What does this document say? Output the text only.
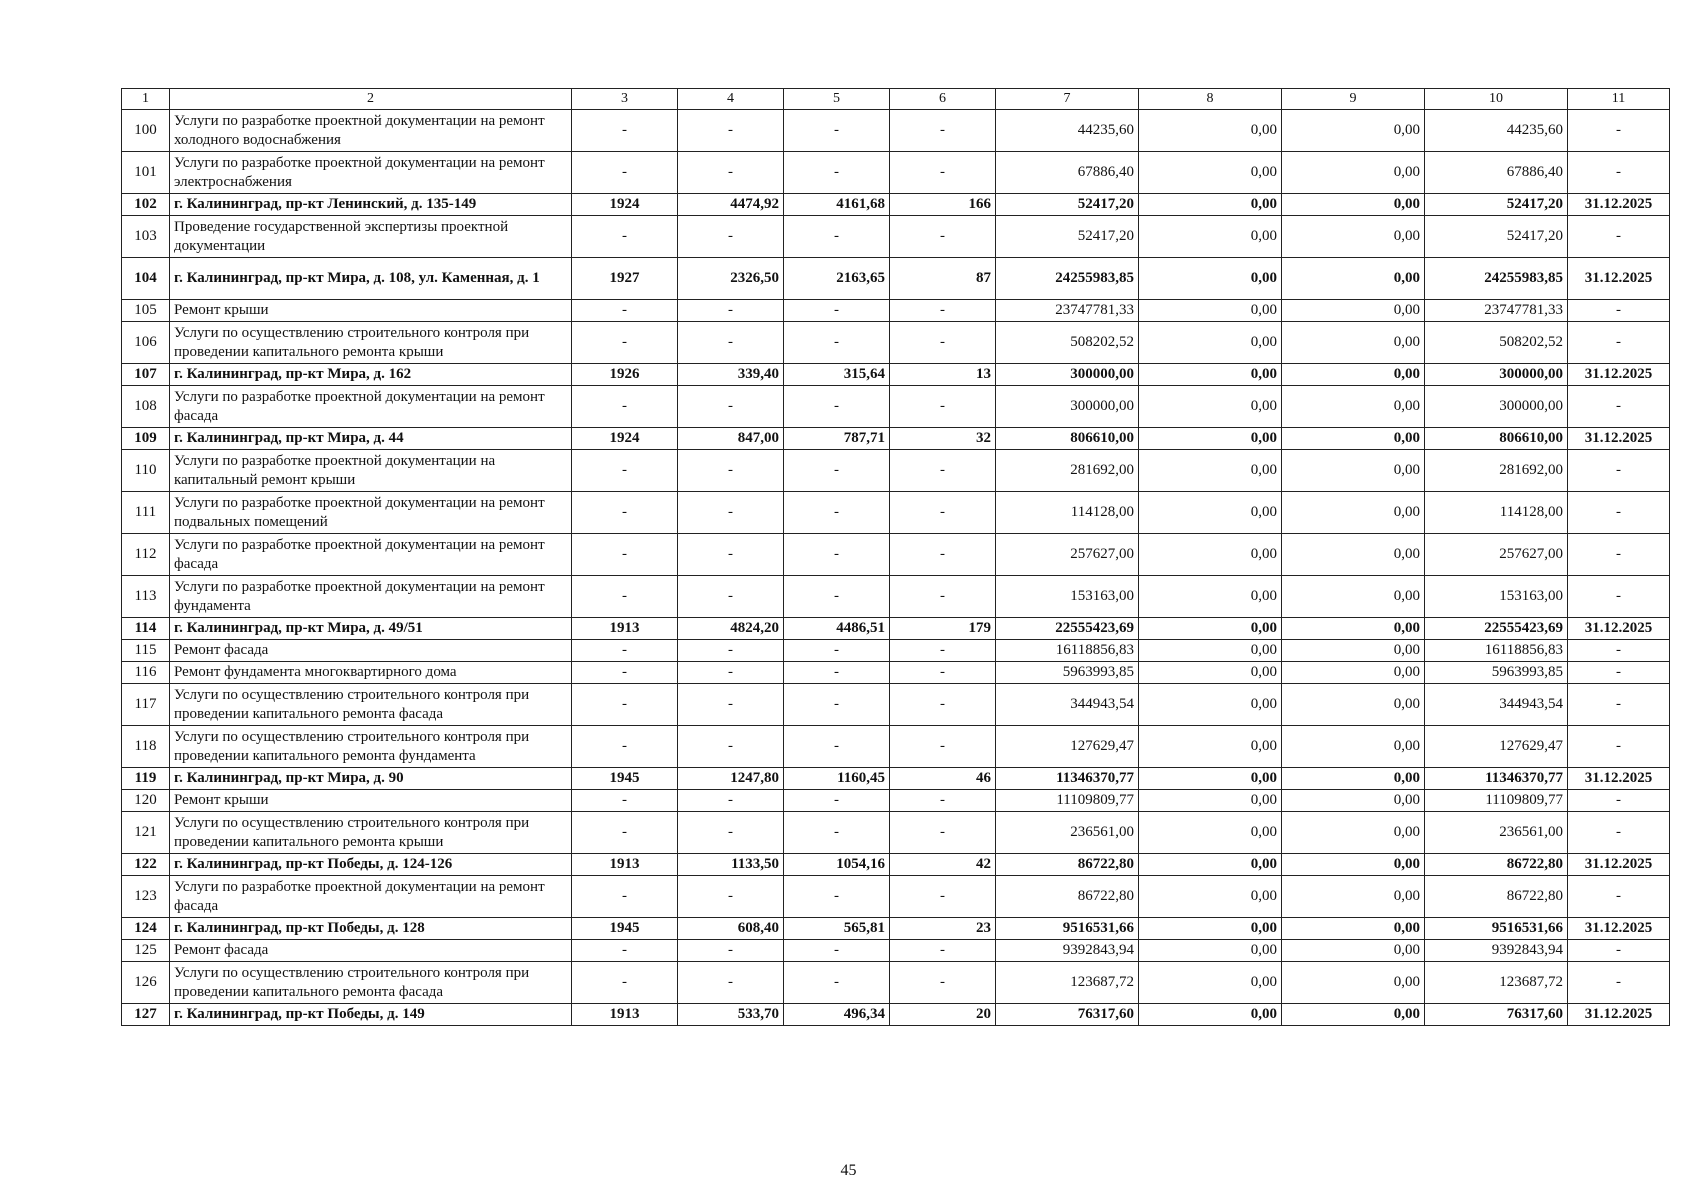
1	2	3	4	5	6	7	8	9	10	11
100	Услуги по разработке проектной документации на ремонт холодного водоснабжения	-	-	-	-	44235,60	0,00	0,00	44235,60	-
101	Услуги по разработке проектной документации на ремонт электроснабжения	-	-	-	-	67886,40	0,00	0,00	67886,40	-
102	г. Калининград, пр-кт Ленинский, д. 135-149	1924	4474,92	4161,68	166	52417,20	0,00	0,00	52417,20	31.12.2025
103	Проведение государственной экспертизы проектной документации	-	-	-	-	52417,20	0,00	0,00	52417,20	-
104	г. Калининград, пр-кт Мира, д. 108, ул. Каменная, д. 1	1927	2326,50	2163,65	87	24255983,85	0,00	0,00	24255983,85	31.12.2025
105	Ремонт крыши	-	-	-	-	23747781,33	0,00	0,00	23747781,33	-
106	Услуги по осуществлению строительного контроля при проведении капитального ремонта крыши	-	-	-	-	508202,52	0,00	0,00	508202,52	-
107	г. Калининград, пр-кт Мира, д. 162	1926	339,40	315,64	13	300000,00	0,00	0,00	300000,00	31.12.2025
108	Услуги по разработке проектной документации на ремонт фасада	-	-	-	-	300000,00	0,00	0,00	300000,00	-
109	г. Калининград, пр-кт Мира, д. 44	1924	847,00	787,71	32	806610,00	0,00	0,00	806610,00	31.12.2025
110	Услуги по разработке проектной документации на капитальный ремонт крыши	-	-	-	-	281692,00	0,00	0,00	281692,00	-
111	Услуги по разработке проектной документации на ремонт подвальных помещений	-	-	-	-	114128,00	0,00	0,00	114128,00	-
112	Услуги по разработке проектной документации на ремонт фасада	-	-	-	-	257627,00	0,00	0,00	257627,00	-
113	Услуги по разработке проектной документации на ремонт фундамента	-	-	-	-	153163,00	0,00	0,00	153163,00	-
114	г. Калининград, пр-кт Мира, д. 49/51	1913	4824,20	4486,51	179	22555423,69	0,00	0,00	22555423,69	31.12.2025
115	Ремонт фасада	-	-	-	-	16118856,83	0,00	0,00	16118856,83	-
116	Ремонт фундамента многоквартирного дома	-	-	-	-	5963993,85	0,00	0,00	5963993,85	-
117	Услуги по осуществлению строительного контроля при проведении капитального ремонта фасада	-	-	-	-	344943,54	0,00	0,00	344943,54	-
118	Услуги по осуществлению строительного контроля при проведении капитального ремонта фундамента	-	-	-	-	127629,47	0,00	0,00	127629,47	-
119	г. Калининград, пр-кт Мира, д. 90	1945	1247,80	1160,45	46	11346370,77	0,00	0,00	11346370,77	31.12.2025
120	Ремонт крыши	-	-	-	-	11109809,77	0,00	0,00	11109809,77	-
121	Услуги по осуществлению строительного контроля при проведении капитального ремонта крыши	-	-	-	-	236561,00	0,00	0,00	236561,00	-
122	г. Калининград, пр-кт Победы, д. 124-126	1913	1133,50	1054,16	42	86722,80	0,00	0,00	86722,80	31.12.2025
123	Услуги по разработке проектной документации на ремонт фасада	-	-	-	-	86722,80	0,00	0,00	86722,80	-
124	г. Калининград, пр-кт Победы, д. 128	1945	608,40	565,81	23	9516531,66	0,00	0,00	9516531,66	31.12.2025
125	Ремонт фасада	-	-	-	-	9392843,94	0,00	0,00	9392843,94	-
126	Услуги по осуществлению строительного контроля при проведении капитального ремонта фасада	-	-	-	-	123687,72	0,00	0,00	123687,72	-
127	г. Калининград, пр-кт Победы, д. 149	1913	533,70	496,34	20	76317,60	0,00	0,00	76317,60	31.12.2025
45
